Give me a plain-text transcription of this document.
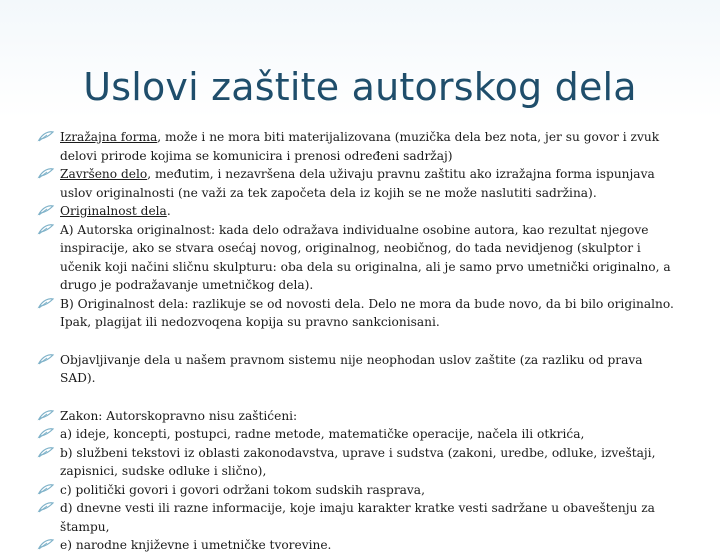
Uslovi zaštite autorskog dela

Izražajna forma, može i ne mora biti materijalizovana (muzička dela bez nota, jer su govor i zvuk delovi prirode kojima se komunicira i prenosi određeni sadržaj)

Završeno delo, međutim, i nezavršena dela uživaju pravnu zaštitu ako izražajna forma ispunjava uslov originalnosti (ne važi za tek započeta dela iz kojih se ne može naslutiti sadržina).

Originalnost dela.

A) Autorska originalnost: kada delo odražava individualne osobine autora, kao rezultat njegove inspiracije, ako se stvara osećaj novog, originalnog, neobičnog, do tada nevidjenog (skulptor i učenik koji načini sličnu skulpturu: oba dela su originalna, ali je samo prvo umetnički originalno, a drugo je podražavanje umetničkog dela).

B) Originalnost dela: razlikuje se od novosti dela. Delo ne mora da bude novo, da bi bilo originalno. Ipak, plagijat ili nedozvoqena kopija su pravno sankcionisani.

Objavljivanje dela u našem pravnom sistemu nije neophodan uslov zaštite (za razliku od prava SAD).

Zakon: Autorskopravno nisu zaštićeni:

a) ideje, koncepti, postupci, radne metode, matematičke operacije, načela ili otkrića,

b) službeni tekstovi iz oblasti zakonodavstva, uprave i sudstva (zakoni, uredbe, odluke, izveštaji, zapisnici, sudske odluke i slično),

c) politički govori i govori održani tokom sudskih rasprava,

d) dnevne vesti ili razne informacije, koje imaju karakter kratke vesti sadržane u obaveštenju za štampu,

e) narodne književne i umetničke tvorevine.
